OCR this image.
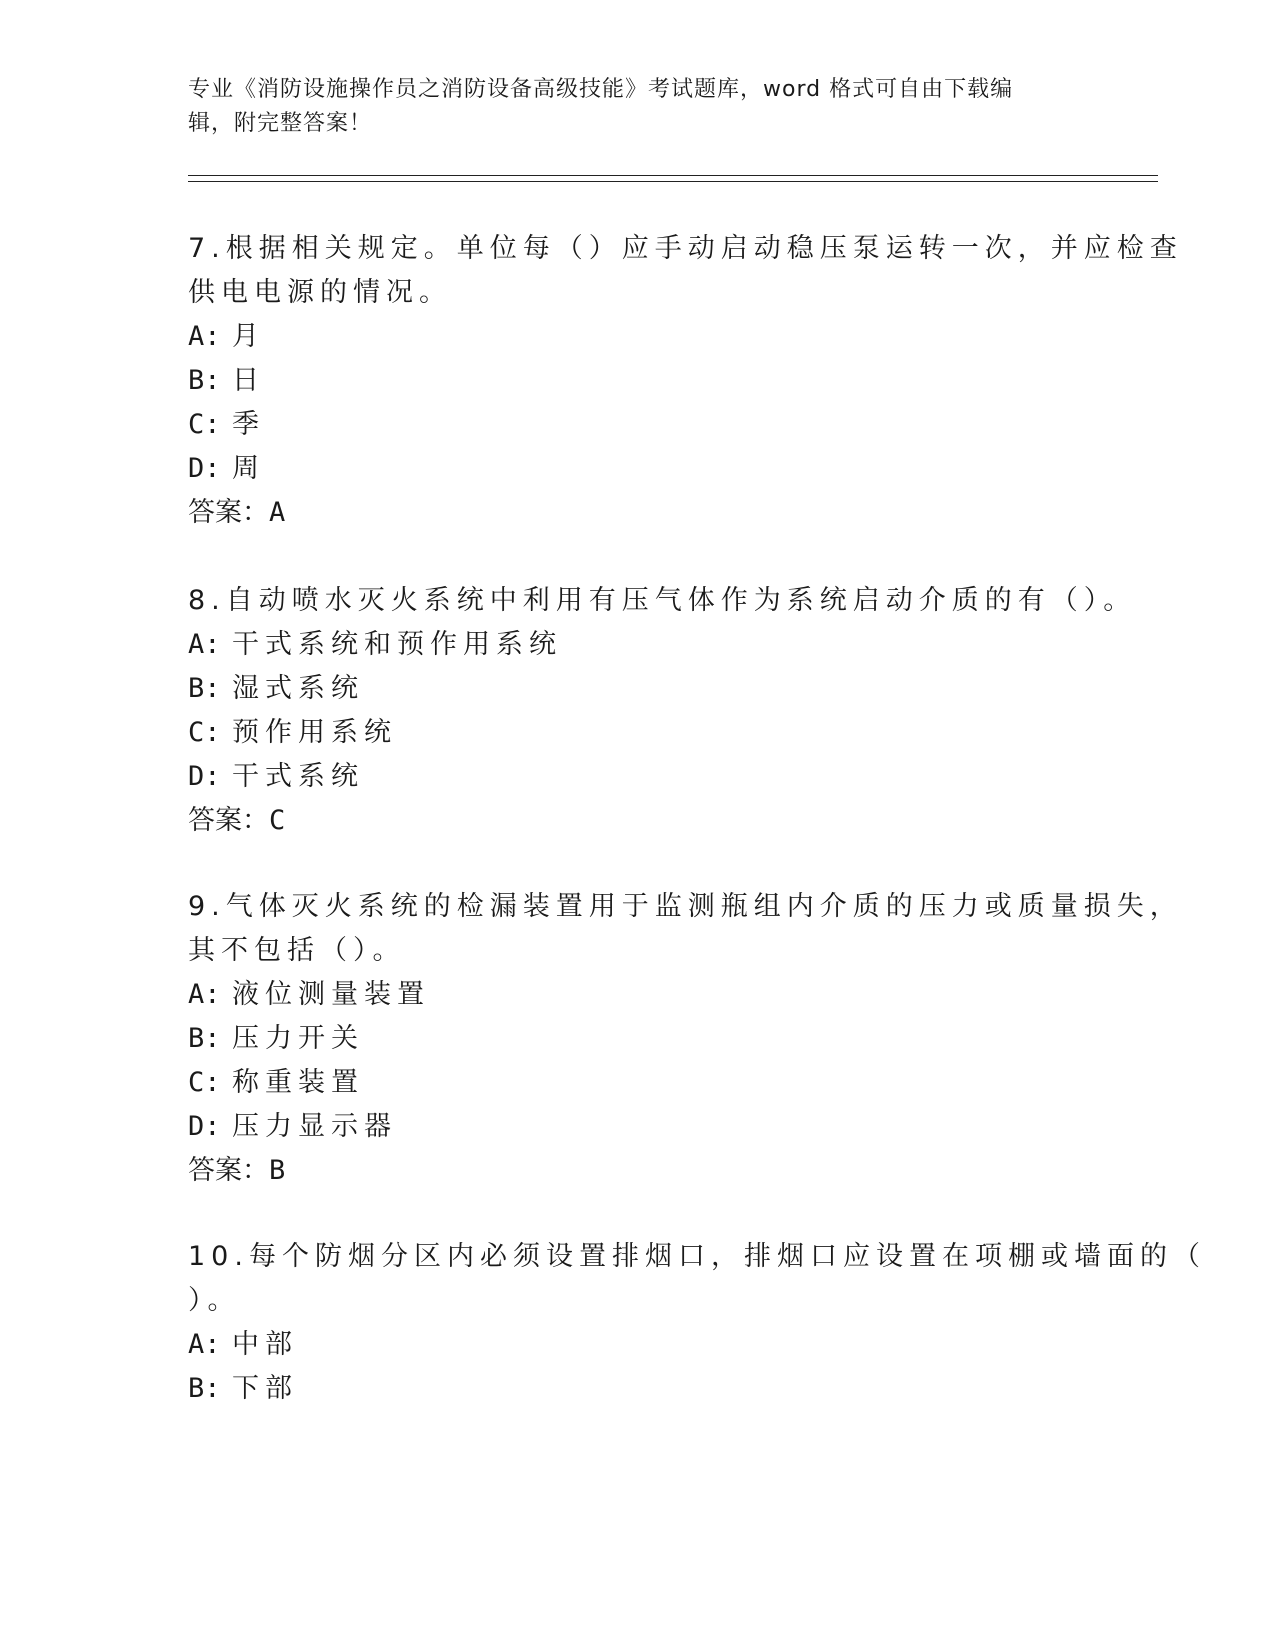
专业《消防设施操作员之消防设备高级技能》考试题库，word 格式可自由下载编
辑，附完整答案！
7.根据相关规定。单位每（）应手动启动稳压泵运转一次，并应检查
供电电源的情况。
A: 月
B: 日
C: 季
D: 周
答案：A
8.自动喷水灭火系统中利用有压气体作为系统启动介质的有（）。
A: 干式系统和预作用系统
B: 湿式系统
C: 预作用系统
D: 干式系统
答案：C
9.气体灭火系统的检漏装置用于监测瓶组内介质的压力或质量损失，
其不包括（）。
A: 液位测量装置
B: 压力开关
C: 称重装置
D: 压力显示器
答案：B
10.每个防烟分区内必须设置排烟口，排烟口应设置在项棚或墙面的（
）。
A: 中部
B: 下部
